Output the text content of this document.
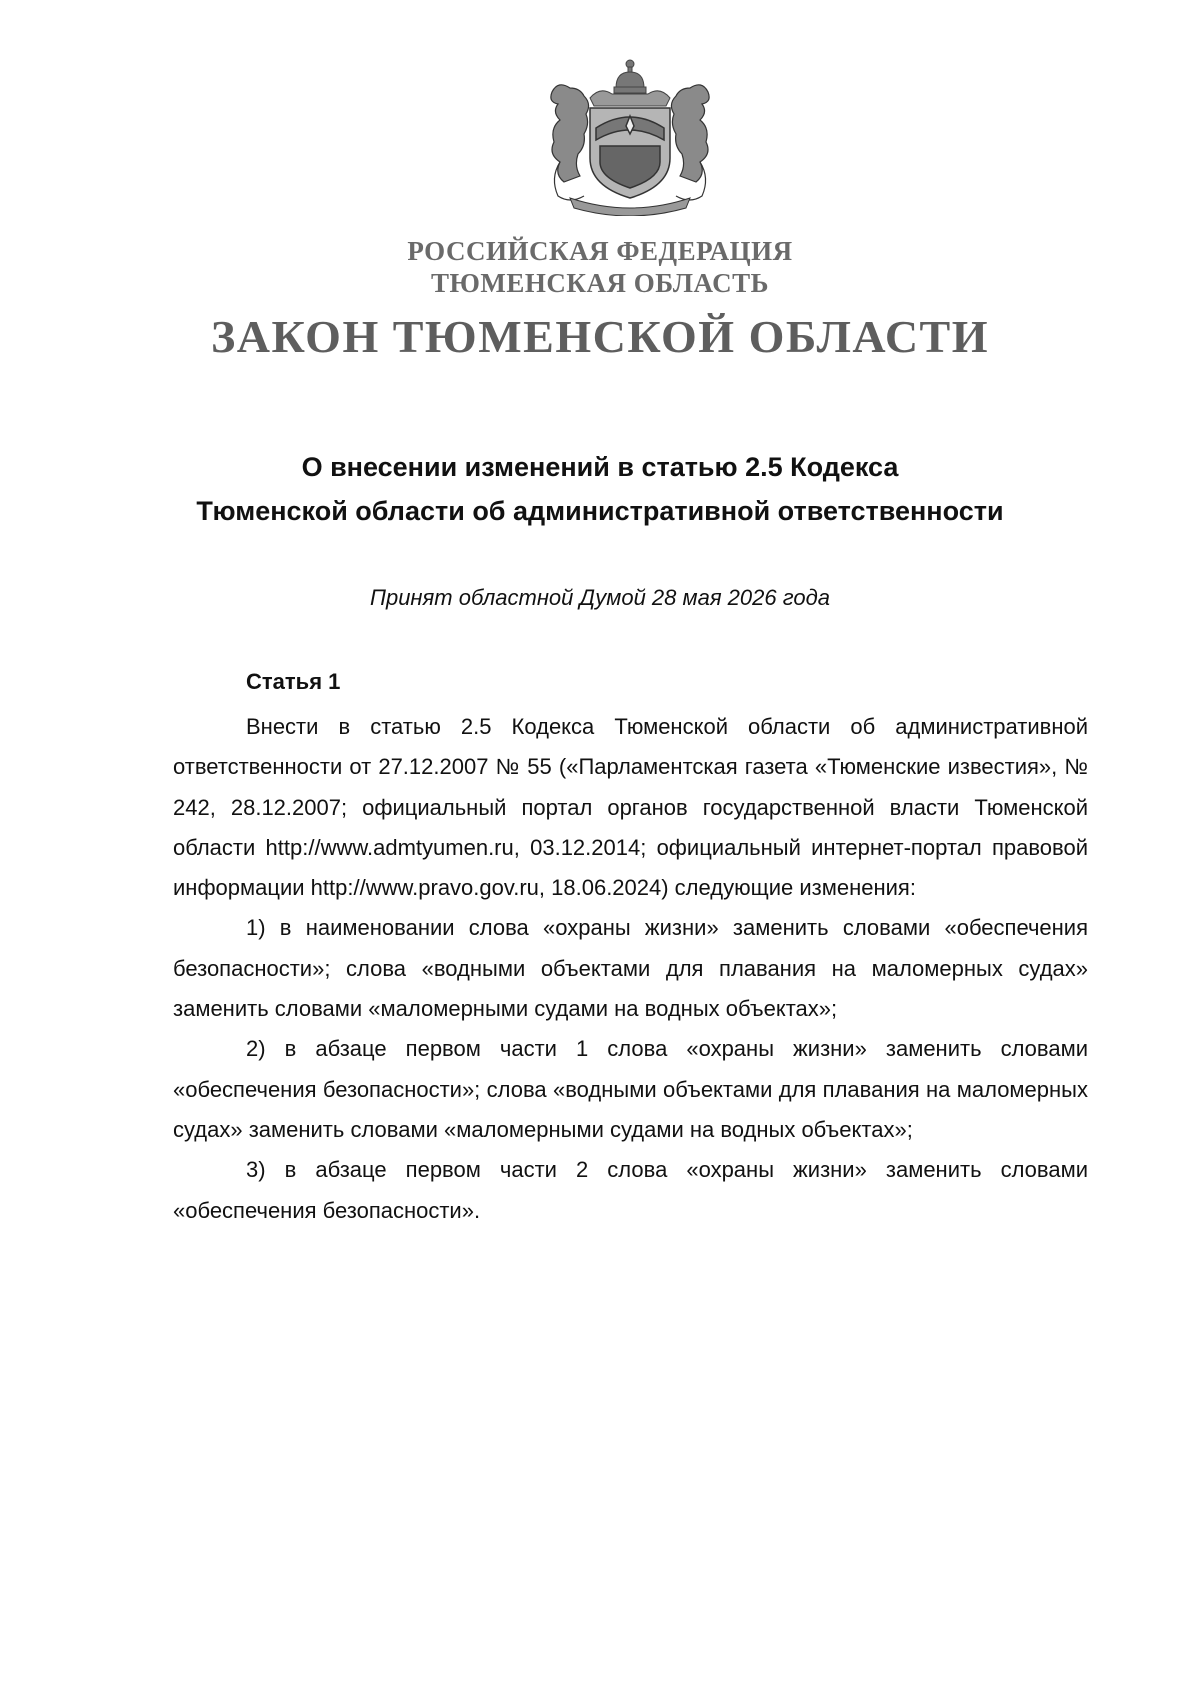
РОССИЙСКАЯ ФЕДЕРАЦИЯ
ТЮМЕНСКАЯ ОБЛАСТЬ
ЗАКОН ТЮМЕНСКОЙ ОБЛАСТИ
О внесении изменений в статью 2.5 Кодекса
Тюменской области об административной ответственности
Принят областной Думой 28 мая 2026 года
Статья 1

Внести в статью 2.5 Кодекса Тюменской области об административной ответственности от 27.12.2007 № 55 («Парламентская газета «Тюменские известия», № 242, 28.12.2007; официальный портал органов государственной власти Тюменской области http://www.admtyumen.ru, 03.12.2014; официальный интернет-портал правовой информации http://www.pravo.gov.ru, 18.06.2024) следующие изменения:

1) в наименовании слова «охраны жизни» заменить словами «обеспечения безопасности»; слова «водными объектами для плавания на маломерных судах» заменить словами «маломерными судами на водных объектах»;

2) в абзаце первом части 1 слова «охраны жизни» заменить словами «обеспечения безопасности»; слова «водными объектами для плавания на маломерных судах» заменить словами «маломерными судами на водных объектах»;

3) в абзаце первом части 2 слова «охраны жизни» заменить словами «обеспечения безопасности».
